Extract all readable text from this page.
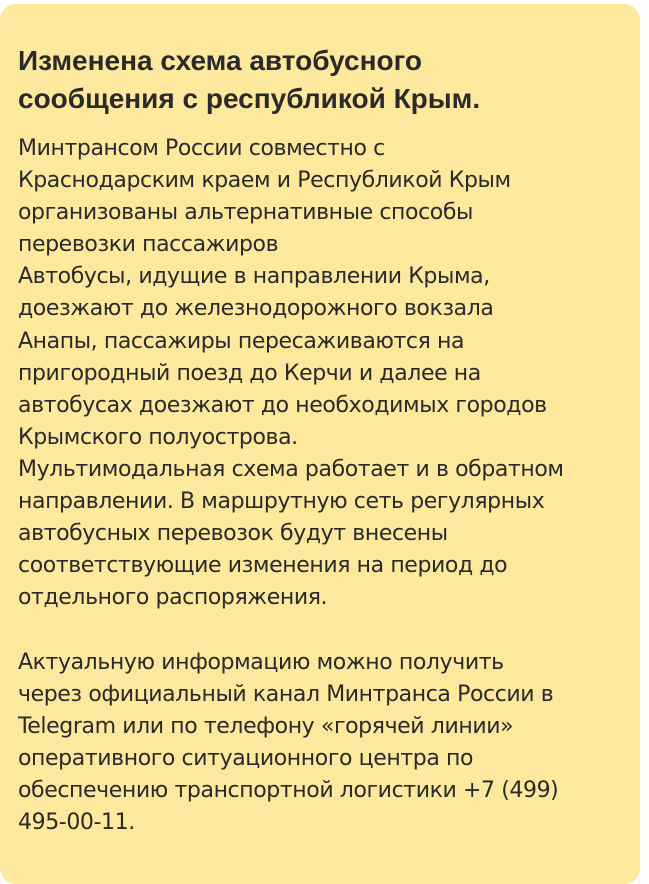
Изменена схема автобусного
сообщения с республикой Крым.
Минтрансом России совместно с
Краснодарским краем и Республикой Крым
организованы альтернативные способы
перевозки пассажиров
Автобусы, идущие в направлении Крыма,
доезжают до железнодорожного вокзала
Анапы, пассажиры пересаживаются на
пригородный поезд до Керчи и далее на
автобусах доезжают до необходимых городов
Крымского полуострова.
Мультимодальная схема работает и в обратном
направлении. В маршрутную сеть регулярных
автобусных перевозок будут внесены
соответствующие изменения на период до
отдельного распоряжения.
Актуальную информацию можно получить
через официальный канал Минтранса России в
Telegram или по телефону «горячей линии»
оперативного ситуационного центра по
обеспечению транспортной логистики +7 (499)
495-00-11.
